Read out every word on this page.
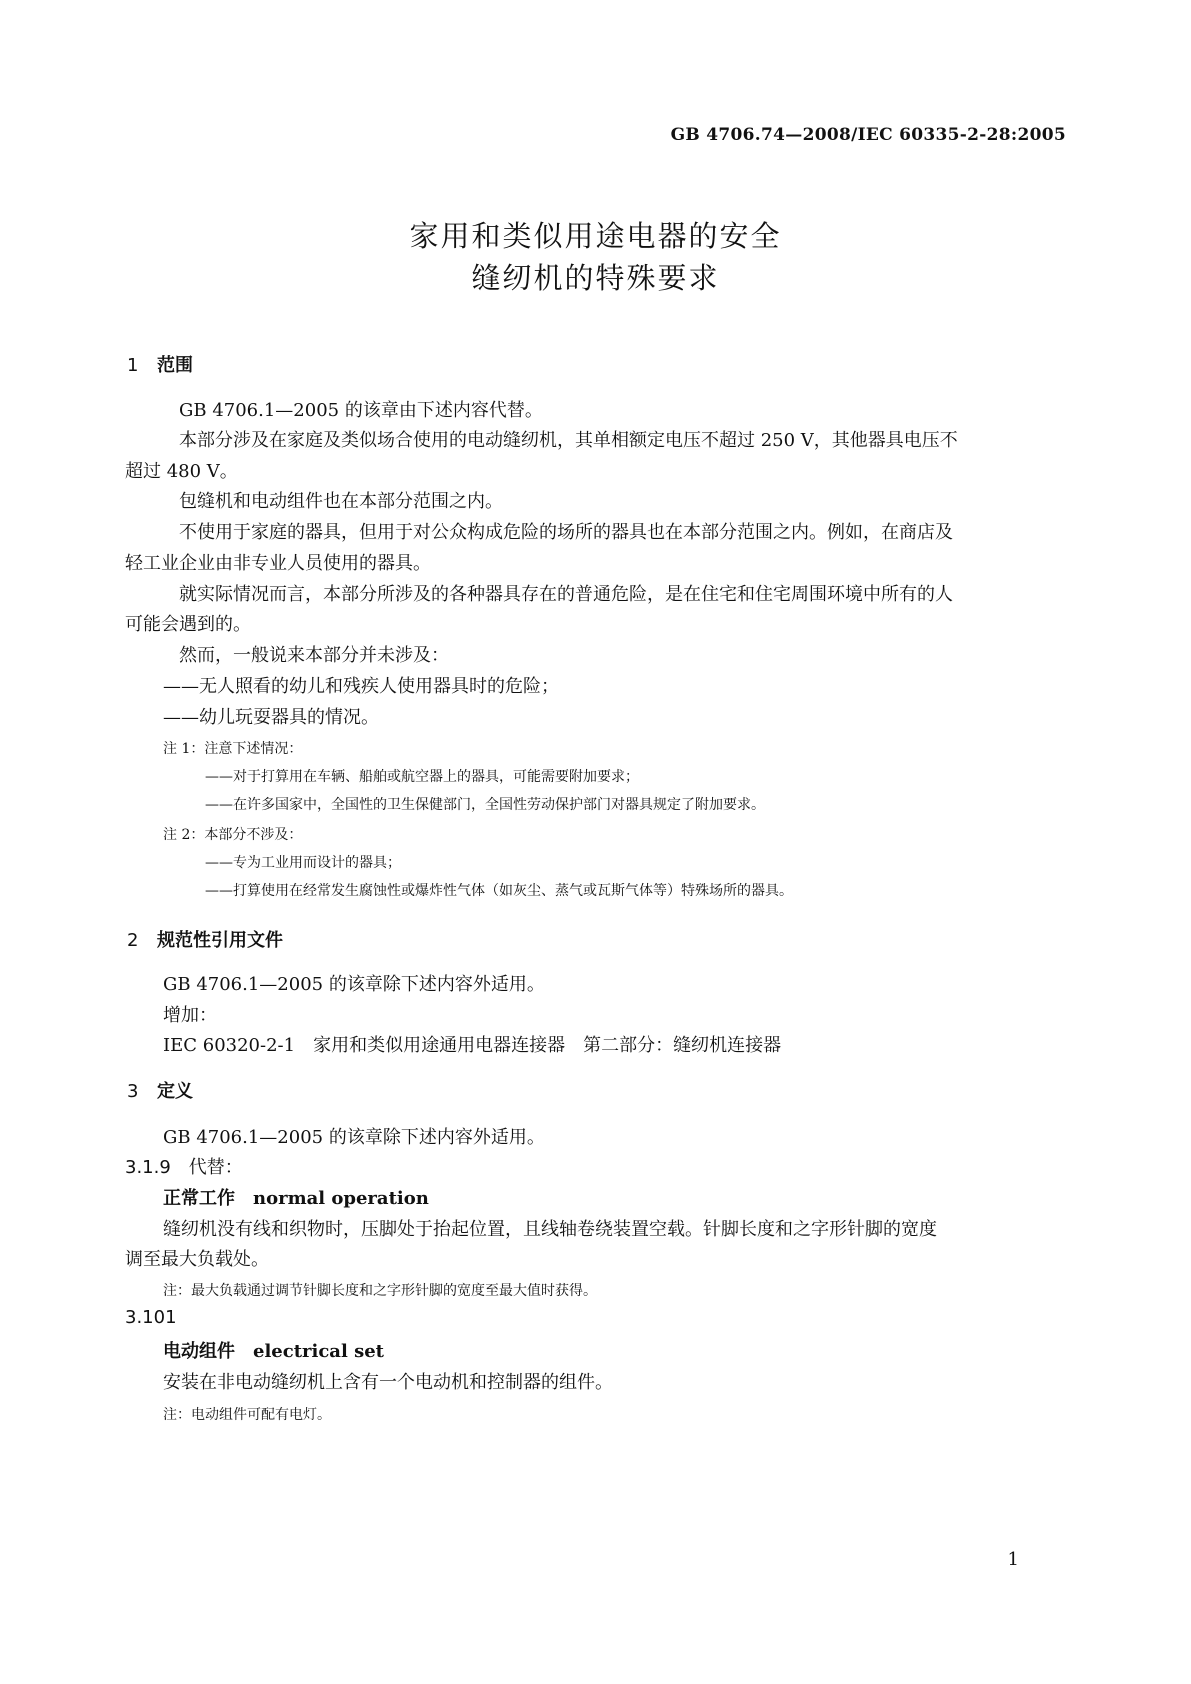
GB 4706.74—2008/IEC 60335-2-28:2005
家用和类似用途电器的安全
缝纫机的特殊要求
1 范围
GB 4706.1—2005 的该章由下述内容代替。
本部分涉及在家庭及类似场合使用的电动缝纫机，其单相额定电压不超过 250 V，其他器具电压不
超过 480 V。
包缝机和电动组件也在本部分范围之内。
不使用于家庭的器具，但用于对公众构成危险的场所的器具也在本部分范围之内。例如，在商店及
轻工业企业由非专业人员使用的器具。
就实际情况而言，本部分所涉及的各种器具存在的普通危险，是在住宅和住宅周围环境中所有的人
可能会遇到的。
然而，一般说来本部分并未涉及：
——无人照看的幼儿和残疾人使用器具时的危险；
——幼儿玩耍器具的情况。
注 1：注意下述情况：
——对于打算用在车辆、船舶或航空器上的器具，可能需要附加要求；
——在许多国家中，全国性的卫生保健部门，全国性劳动保护部门对器具规定了附加要求。
注 2：本部分不涉及：
——专为工业用而设计的器具；
——打算使用在经常发生腐蚀性或爆炸性气体（如灰尘、蒸气或瓦斯气体等）特殊场所的器具。
2 规范性引用文件
GB 4706.1—2005 的该章除下述内容外适用。
增加：
IEC 60320-2-1　家用和类似用途通用电器连接器　第二部分：缝纫机连接器
3 定义
GB 4706.1—2005 的该章除下述内容外适用。
3.1.9　代替：
正常工作 normal operation
缝纫机没有线和织物时，压脚处于抬起位置，且线轴卷绕装置空载。针脚长度和之字形针脚的宽度
调至最大负载处。
注：最大负载通过调节针脚长度和之字形针脚的宽度至最大值时获得。
3.101
电动组件 electrical set
安装在非电动缝纫机上含有一个电动机和控制器的组件。
注：电动组件可配有电灯。
1
